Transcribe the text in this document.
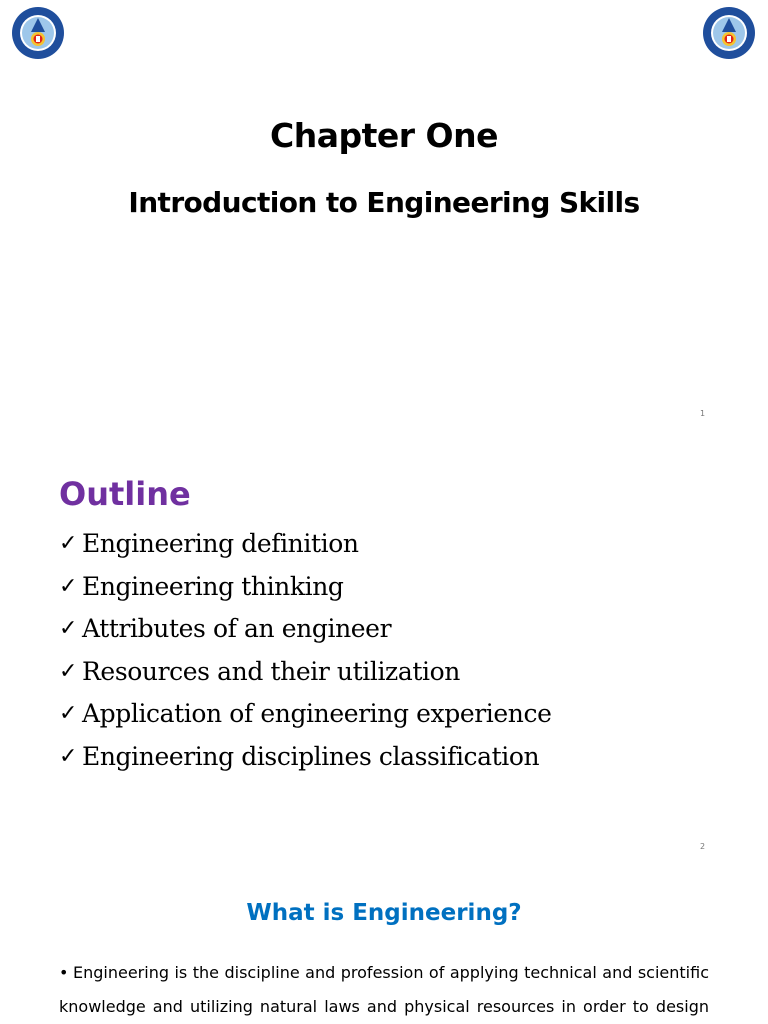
Chapter One
Introduction to Engineering Skills
1
Outline
✓Engineering definition
✓Engineering thinking
✓Attributes of an engineer
✓Resources and their utilization
✓Application of engineering experience
✓Engineering disciplines classification
2
What is Engineering?

•Engineering is the discipline and profession of applying technical and scientific knowledge and utilizing natural laws and physical resources in order to design
